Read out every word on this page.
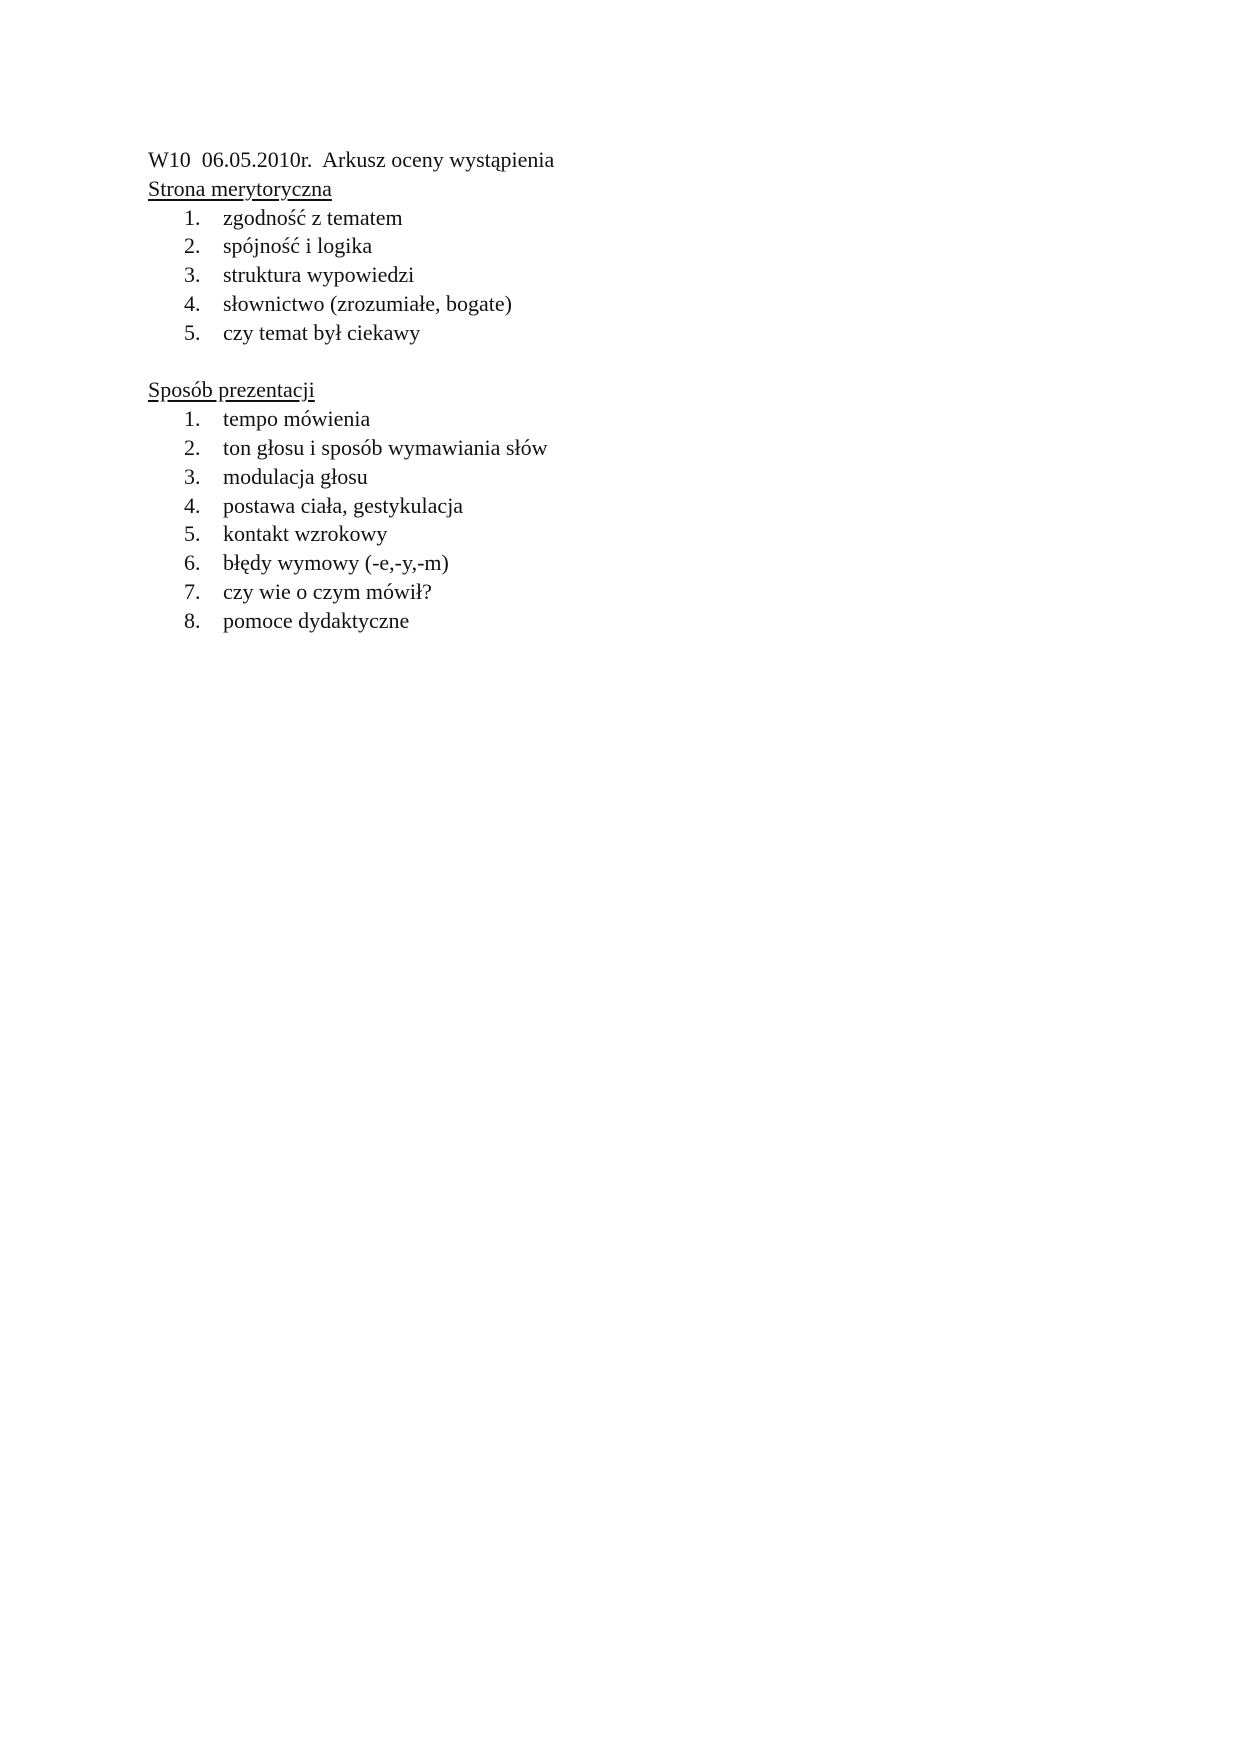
W10  06.05.2010r.  Arkusz oceny wystąpienia

Strona merytoryczna

1. zgodność z tematem
2. spójność i logika
3. struktura wypowiedzi
4. słownictwo (zrozumiałe, bogate)
5. czy temat był ciekawy

Sposób prezentacji

1. tempo mówienia
2. ton głosu i sposób wymawiania słów
3. modulacja głosu
4. postawa ciała, gestykulacja
5. kontakt wzrokowy
6. błędy wymowy (-e,-y,-m)
7. czy wie o czym mówił?
8. pomoce dydaktyczne
